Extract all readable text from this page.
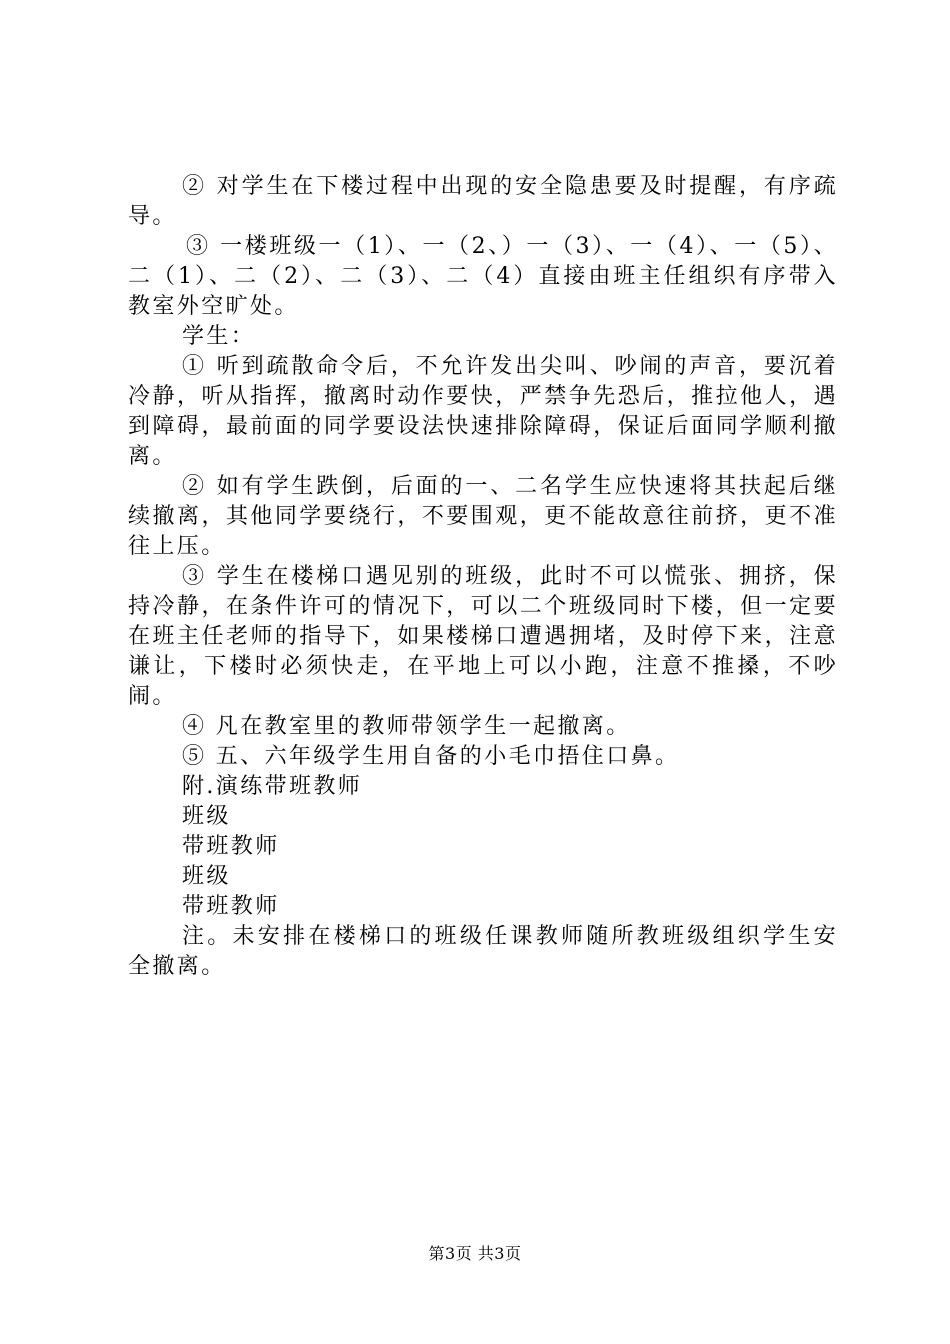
② 对学生在下楼过程中出现的安全隐患要及时提醒，有序疏导。

③ 一楼班级一（1）、一（2、）一（3）、一（4）、一（5）、二（1）、二（2）、二（3）、二（4）直接由班主任组织有序带入教室外空旷处。

学生：

① 听到疏散命令后，不允许发出尖叫、吵闹的声音，要沉着冷静，听从指挥，撤离时动作要快，严禁争先恐后，推拉他人，遇到障碍，最前面的同学要设法快速排除障碍，保证后面同学顺利撤离。

② 如有学生跌倒，后面的一、二名学生应快速将其扶起后继续撤离，其他同学要绕行，不要围观，更不能故意往前挤，更不准往上压。

③ 学生在楼梯口遇见别的班级，此时不可以慌张、拥挤，保持冷静，在条件许可的情况下，可以二个班级同时下楼，但一定要在班主任老师的指导下，如果楼梯口遭遇拥堵，及时停下来，注意谦让，下楼时必须快走，在平地上可以小跑，注意不推搡，不吵闹。

④ 凡在教室里的教师带领学生一起撤离。

⑤ 五、六年级学生用自备的小毛巾捂住口鼻。

附.演练带班教师

班级

带班教师

班级

带班教师

注。未安排在楼梯口的班级任课教师随所教班级组织学生安全撤离。

第3页 共3页
